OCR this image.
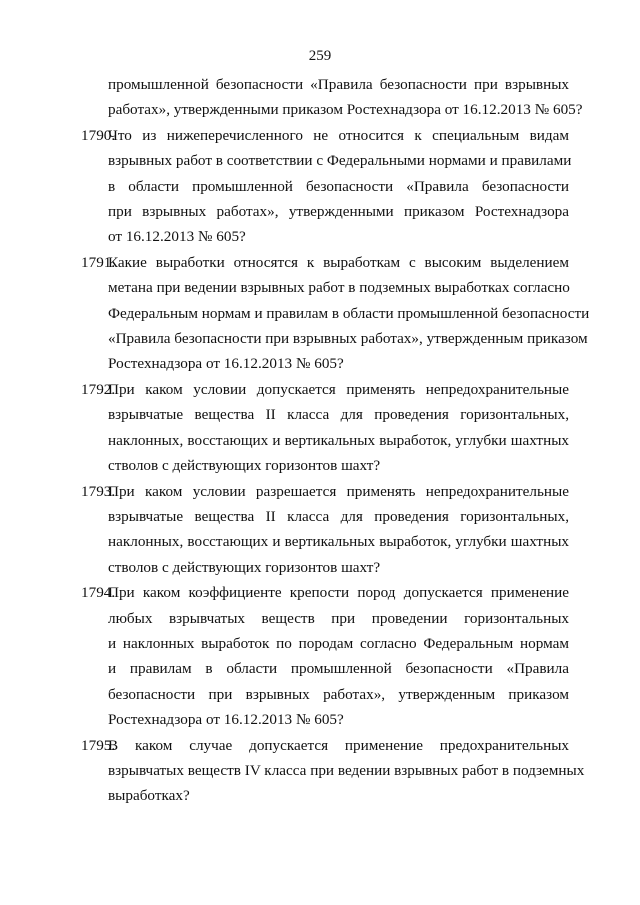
259
промышленной безопасности «Правила безопасности при взрывных
работах», утвержденными приказом Ростехнадзора от 16.12.2013 № 605?
1790.
Что из нижеперечисленного не относится к специальным видам
взрывных работ в соответствии с Федеральными нормами и правилами
в области промышленной безопасности «Правила безопасности
при взрывных работах», утвержденными приказом Ростехнадзора
от 16.12.2013 № 605?
1791.
Какие выработки относятся к выработкам с высоким выделением
метана при ведении взрывных работ в подземных выработках согласно
Федеральным нормам и правилам в области промышленной безопасности
«Правила безопасности при взрывных работах», утвержденным приказом
Ростехнадзора от 16.12.2013 № 605?
1792.
При каком условии допускается применять непредохранительные
взрывчатые вещества II класса для проведения горизонтальных,
наклонных, восстающих и вертикальных выработок, углубки шахтных
стволов с действующих горизонтов шахт?
1793.
При каком условии разрешается применять непредохранительные
взрывчатые вещества II класса для проведения горизонтальных,
наклонных, восстающих и вертикальных выработок, углубки шахтных
стволов с действующих горизонтов шахт?
1794.
При каком коэффициенте крепости пород допускается применение
любых взрывчатых веществ при проведении горизонтальных
и наклонных выработок по породам согласно Федеральным нормам
и правилам в области промышленной безопасности «Правила
безопасности при взрывных работах», утвержденным приказом
Ростехнадзора от 16.12.2013 № 605?
1795.
В каком случае допускается применение предохранительных
взрывчатых веществ IV класса при ведении взрывных работ в подземных
выработках?
